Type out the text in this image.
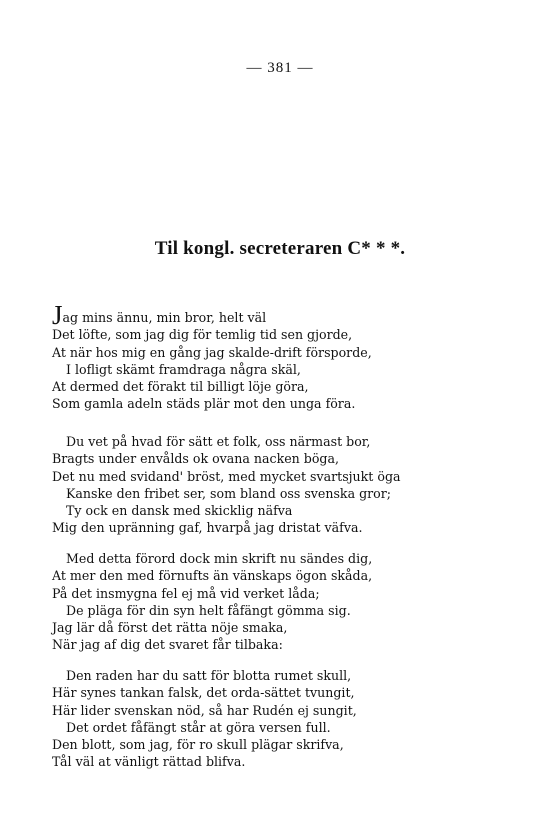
— 381 —
Til kongl. secreteraren C* * *.
Jag mins ännu, min bror, helt väl
Det löfte, som jag dig för temlig tid sen gjorde,
At när hos mig en gång jag skalde-drift försporde,
I lofligt skämt framdraga några skäl,
At dermed det förakt til billigt löje göra,
Som gamla adeln städs plär mot den unga föra.
Du vet på hvad för sätt et folk, oss närmast bor,
Bragts under envålds ok ovana nacken böga,
Det nu med svidand' bröst, med mycket svartsjukt öga
Kanske den fribet ser, som bland oss svenska gror;
Ty ock en dansk med skicklig näfva
Mig den upränning gaf, hvarpå jag dristat väfva.
Med detta förord dock min skrift nu sändes dig,
At mer den med förnufts än vänskaps ögon skåda,
På det insmygna fel ej må vid verket låda;
De pläga för din syn helt fåfängt gömma sig.
Jag lär då först det rätta nöje smaka,
När jag af dig det svaret får tilbaka:
Den raden har du satt för blotta rumet skull,
Här synes tankan falsk, det orda-sättet tvungit,
Här lider svenskan nöd, så har Rudén ej sungit,
Det ordet fåfängt står at göra versen full.
Den blott, som jag, för ro skull plägar skrifva,
Tål väl at vänligt rättad blifva.
